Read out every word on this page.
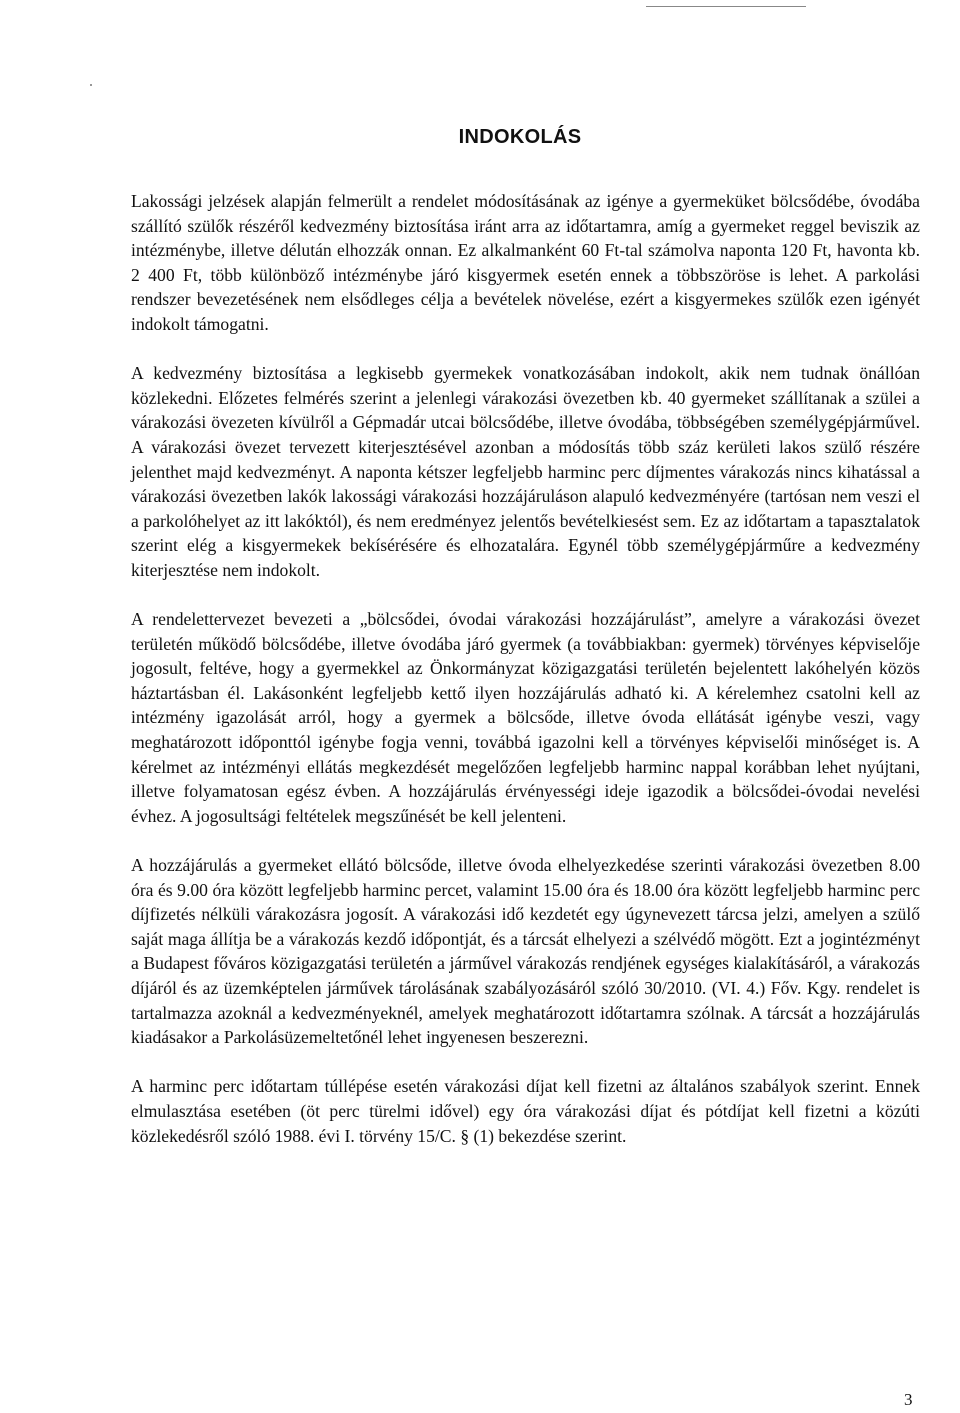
INDOKOLÁS

Lakossági jelzések alapján felmerült a rendelet módosításának az igénye a gyermeküket bölcsődébe, óvodába szállító szülők részéről kedvezmény biztosítása iránt arra az időtartamra, amíg a gyermeket reggel beviszik az intézménybe, illetve délután elhozzák onnan. Ez alkalmanként 60 Ft-tal számolva naponta 120 Ft, havonta kb. 2 400 Ft, több különböző intézménybe járó kisgyermek esetén ennek a többszöröse is lehet. A parkolási rendszer bevezetésének nem elsődleges célja a bevételek növelése, ezért a kisgyermekes szülők ezen igényét indokolt támogatni.

A kedvezmény biztosítása a legkisebb gyermekek vonatkozásában indokolt, akik nem tudnak önállóan közlekedni. Előzetes felmérés szerint a jelenlegi várakozási övezetben kb. 40 gyermeket szállítanak a szülei a várakozási övezeten kívülről a Gépmadár utcai bölcsődébe, illetve óvodába, többségében személygépjárművel. A várakozási övezet tervezett kiterjesztésével azonban a módosítás több száz kerületi lakos szülő részére jelenthet majd kedvezményt. A naponta kétszer legfeljebb harminc perc díjmentes várakozás nincs kihatással a várakozási övezetben lakók lakossági várakozási hozzájáruláson alapuló kedvezményére (tartósan nem veszi el a parkolóhelyet az itt lakóktól), és nem eredményez jelentős bevételkiesést sem. Ez az időtartam a tapasztalatok szerint elég a kisgyermekek bekísérésére és elhozatalára. Egynél több személygépjárműre a kedvezmény kiterjesztése nem indokolt.

A rendelettervezet bevezeti a „bölcsődei, óvodai várakozási hozzájárulást”, amelyre a várakozási övezet területén működő bölcsődébe, illetve óvodába járó gyermek (a továbbiakban: gyermek) törvényes képviselője jogosult, feltéve, hogy a gyermekkel az Önkormányzat közigazgatási területén bejelentett lakóhelyén közös háztartásban él. Lakásonként legfeljebb kettő ilyen hozzájárulás adható ki. A kérelemhez csatolni kell az intézmény igazolását arról, hogy a gyermek a bölcsőde, illetve óvoda ellátását igénybe veszi, vagy meghatározott időponttól igénybe fogja venni, továbbá igazolni kell a törvényes képviselői minőséget is. A kérelmet az intézményi ellátás megkezdését megelőzően legfeljebb harminc nappal korábban lehet nyújtani, illetve folyamatosan egész évben. A hozzájárulás érvényességi ideje igazodik a bölcsődei-óvodai nevelési évhez. A jogosultsági feltételek megszűnését be kell jelenteni.

A hozzájárulás a gyermeket ellátó bölcsőde, illetve óvoda elhelyezkedése szerinti várakozási övezetben 8.00 óra és 9.00 óra között legfeljebb harminc percet, valamint 15.00 óra és 18.00 óra között legfeljebb harminc perc díjfizetés nélküli várakozásra jogosít. A várakozási idő kezdetét egy úgynevezett tárcsa jelzi, amelyen a szülő saját maga állítja be a várakozás kezdő időpontját, és a tárcsát elhelyezi a szélvédő mögött. Ezt a jogintézményt a Budapest főváros közigazgatási területén a járművel várakozás rendjének egységes kialakításáról, a várakozás díjáról és az üzemképtelen járművek tárolásának szabályozásáról szóló 30/2010. (VI. 4.) Főv. Kgy. rendelet is tartalmazza azoknál a kedvezményeknél, amelyek meghatározott időtartamra szólnak. A tárcsát a hozzájárulás kiadásakor a Parkolásüzemeltetőnél lehet ingyenesen beszerezni.

A harminc perc időtartam túllépése esetén várakozási díjat kell fizetni az általános szabályok szerint. Ennek elmulasztása esetében (öt perc türelmi idővel) egy óra várakozási díjat és pótdíjat kell fizetni a közúti közlekedésről szóló 1988. évi I. törvény 15/C. § (1) bekezdése szerint.

3
